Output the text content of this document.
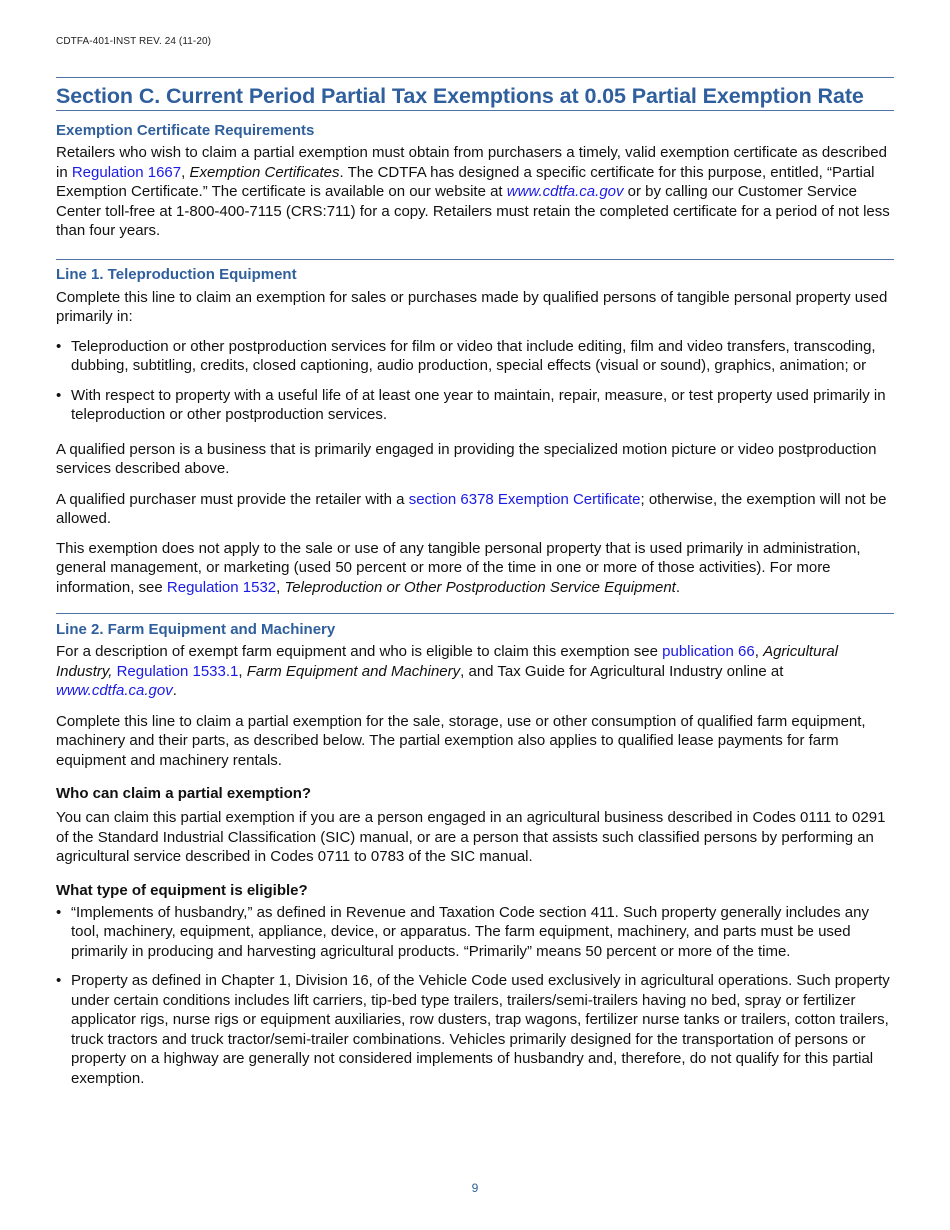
CDTFA-401-INST REV. 24 (11-20)
Section C. Current Period Partial Tax Exemptions at 0.05 Partial Exemption Rate
Exemption Certificate Requirements

Retailers who wish to claim a partial exemption must obtain from purchasers a timely, valid exemption certificate as described in Regulation 1667, Exemption Certificates. The CDTFA has designed a specific certificate for this purpose, entitled, “Partial Exemption Certificate.” The certificate is available on our website at www.cdtfa.ca.gov or by calling our Customer Service Center toll-free at 1-800-400-7115 (CRS:711) for a copy. Retailers must retain the completed certificate for a period of not less than four years.

Line 1. Teleproduction Equipment

Complete this line to claim an exemption for sales or purchases made by qualified persons of tangible personal property used primarily in:

• Teleproduction or other postproduction services for film or video that include editing, film and video transfers, transcoding, dubbing, subtitling, credits, closed captioning, audio production, special effects (visual or sound), graphics, animation; or
• With respect to property with a useful life of at least one year to maintain, repair, measure, or test property used primarily in teleproduction or other postproduction services.

A qualified person is a business that is primarily engaged in providing the specialized motion picture or video postproduction services described above.

A qualified purchaser must provide the retailer with a section 6378 Exemption Certificate; otherwise, the exemption will not be allowed.

This exemption does not apply to the sale or use of any tangible personal property that is used primarily in administration, general management, or marketing (used 50 percent or more of the time in one or more of those activities). For more information, see Regulation 1532, Teleproduction or Other Postproduction Service Equipment.

Line 2. Farm Equipment and Machinery

For a description of exempt farm equipment and who is eligible to claim this exemption see publication 66, Agricultural Industry, Regulation 1533.1, Farm Equipment and Machinery, and Tax Guide for Agricultural Industry online at www.cdtfa.ca.gov.

Complete this line to claim a partial exemption for the sale, storage, use or other consumption of qualified farm equipment, machinery and their parts, as described below. The partial exemption also applies to qualified lease payments for farm equipment and machinery rentals.

Who can claim a partial exemption?

You can claim this partial exemption if you are a person engaged in an agricultural business described in Codes 0111 to 0291 of the Standard Industrial Classification (SIC) manual, or are a person that assists such classified persons by performing an agricultural service described in Codes 0711 to 0783 of the SIC manual.

What type of equipment is eligible?
• “Implements of husbandry,” as defined in Revenue and Taxation Code section 411. Such property generally includes any tool, machinery, equipment, appliance, device, or apparatus. The farm equipment, machinery, and parts must be used primarily in producing and harvesting agricultural products. “Primarily” means 50 percent or more of the time.
• Property as defined in Chapter 1, Division 16, of the Vehicle Code used exclusively in agricultural operations. Such property under certain conditions includes lift carriers, tip-bed type trailers, trailers/semi-trailers having no bed, spray or fertilizer applicator rigs, nurse rigs or equipment auxiliaries, row dusters, trap wagons, fertilizer nurse tanks or trailers, cotton trailers, truck tractors and truck tractor/semi-trailer combinations. Vehicles primarily designed for the transportation of persons or property on a highway are generally not considered implements of husbandry and, therefore, do not qualify for this partial exemption.
9
